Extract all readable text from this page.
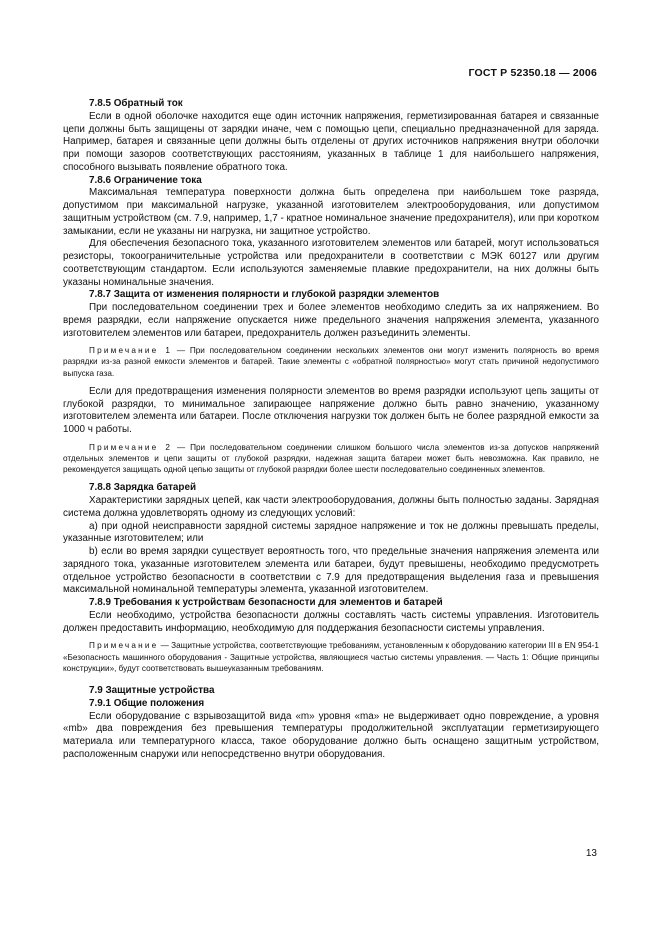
ГОСТ Р 52350.18 — 2006
7.8.5 Обратный ток
Если в одной оболочке находится еще один источник напряжения, герметизированная батарея и связанные цепи должны быть защищены от зарядки иначе, чем с помощью цепи, специально предназначенной для заряда. Например, батарея и связанные цепи должны быть отделены от других источников напряжения внутри оболочки при помощи зазоров соответствующих расстояниям, указанных в таблице 1 для наибольшего напряжения, способного вызывать появление обратного тока.
7.8.6 Ограничение тока
Максимальная температура поверхности должна быть определена при наибольшем токе разряда, допустимом при максимальной нагрузке, указанной изготовителем электрооборудования, или допустимом защитным устройством (см. 7.9, например, 1,7 - кратное номинальное значение предохранителя), или при коротком замыкании, если не указаны ни нагрузка, ни защитное устройство.
Для обеспечения безопасного тока, указанного изготовителем элементов или батарей, могут использоваться резисторы, токоограничительные устройства или предохранители в соответствии с МЭК 60127 или другим соответствующим стандартом. Если используются заменяемые плавкие предохранители, на них должны быть указаны номинальные значения.
7.8.7 Защита от изменения полярности и глубокой разрядки элементов
При последовательном соединении трех и более элементов необходимо следить за их напряжением. Во время разрядки, если напряжение опускается ниже предельного значения напряжения элемента, указанного изготовителем элементов или батареи, предохранитель должен разъединить элементы.
Примечание 1 — При последовательном соединении нескольких элементов они могут изменить полярность во время разрядки из-за разной емкости элементов и батарей. Такие элементы с «обратной полярностью» могут стать причиной недопустимого выпуска газа.
Если для предотвращения изменения полярности элементов во время разрядки используют цепь защиты от глубокой разрядки, то минимальное запирающее напряжение должно быть равно значению, указанному изготовителем элемента или батареи. После отключения нагрузки ток должен быть не более разрядной емкости за 1000 ч работы.
Примечание 2 — При последовательном соединении слишком большого числа элементов из-за допусков напряжений отдельных элементов и цепи защиты от глубокой разрядки, надежная защита батареи может быть невозможна. Как правило, не рекомендуется защищать одной цепью защиты от глубокой разрядки более шести последовательно соединенных элементов.
7.8.8 Зарядка батарей
Характеристики зарядных цепей, как части электрооборудования, должны быть полностью заданы. Зарядная система должна удовлетворять одному из следующих условий:
а) при одной неисправности зарядной системы зарядное напряжение и ток не должны превышать пределы, указанные изготовителем; или
b) если во время зарядки существует вероятность того, что предельные значения напряжения элемента или зарядного тока, указанные изготовителем элемента или батареи, будут превышены, необходимо предусмотреть отдельное устройство безопасности в соответствии с 7.9 для предотвращения выделения газа и превышения максимальной номинальной температуры элемента, указанной изготовителем.
7.8.9 Требования к устройствам безопасности для элементов и батарей
Если необходимо, устройства безопасности должны составлять часть системы управления. Изготовитель должен предоставить информацию, необходимую для поддержания безопасности системы управления.
Примечание — Защитные устройства, соответствующие требованиям, установленным к оборудованию категории III в EN 954-1 «Безопасность машинного оборудования - Защитные устройства, являющиеся частью системы управления. — Часть 1: Общие принципы конструкции», будут соответствовать вышеуказанным требованиям.
7.9 Защитные устройства
7.9.1 Общие положения
Если оборудование с взрывозащитой вида «m» уровня «ma» не выдерживает одно повреждение, а уровня «mb» два повреждения без превышения температуры продолжительной эксплуатации герметизирующего материала или температурного класса, такое оборудование должно быть оснащено защитным устройством, расположенным снаружи или непосредственно внутри оборудования.
13
